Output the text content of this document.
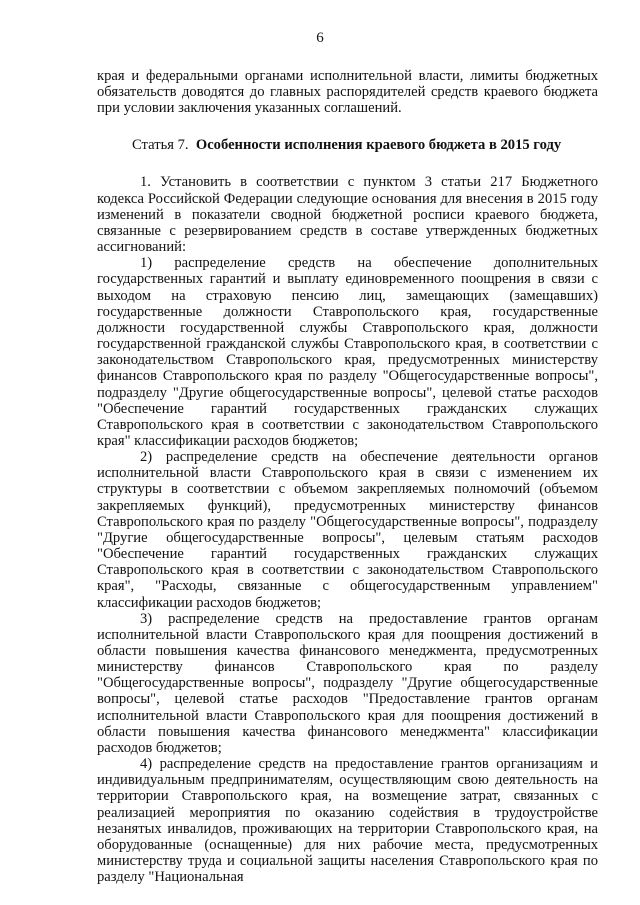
6

края и федеральными органами исполнительной власти, лимиты бюджетных обязательств доводятся до главных распорядителей средств краевого бюджета при условии заключения указанных соглашений.

Статья 7. Особенности исполнения краевого бюджета в 2015 году

1. Установить в соответствии с пунктом 3 статьи 217 Бюджетного кодекса Российской Федерации следующие основания для внесения в 2015 году изменений в показатели сводной бюджетной росписи краевого бюджета, связанные с резервированием средств в составе утвержденных бюджетных ассигнований:

1) распределение средств на обеспечение дополнительных государственных гарантий и выплату единовременного поощрения в связи с выходом на страховую пенсию лиц, замещающих (замещавших) государственные должности Ставропольского края, государственные должности государственной службы Ставропольского края, должности государственной гражданской службы Ставропольского края, в соответствии с законодательством Ставропольского края, предусмотренных министерству финансов Ставропольского края по разделу "Общегосударственные вопросы", подразделу "Другие общегосударственные вопросы", целевой статье расходов "Обеспечение гарантий государственных гражданских служащих Ставропольского края в соответствии с законодательством Ставропольского края" классификации расходов бюджетов;

2) распределение средств на обеспечение деятельности органов исполнительной власти Ставропольского края в связи с изменением их структуры в соответствии с объемом закрепляемых полномочий (объемом закрепляемых функций), предусмотренных министерству финансов Ставропольского края по разделу "Общегосударственные вопросы", подразделу "Другие общегосударственные вопросы", целевым статьям расходов "Обеспечение гарантий государственных гражданских служащих Ставропольского края в соответствии с законодательством Ставропольского края", "Расходы, связанные с общегосударственным управлением" классификации расходов бюджетов;

3) распределение средств на предоставление грантов органам исполнительной власти Ставропольского края для поощрения достижений в области повышения качества финансового менеджмента, предусмотренных министерству финансов Ставропольского края по разделу "Общегосударственные вопросы", подразделу "Другие общегосударственные вопросы", целевой статье расходов "Предоставление грантов органам исполнительной власти Ставропольского края для поощрения достижений в области повышения качества финансового менеджмента" классификации расходов бюджетов;

4) распределение средств на предоставление грантов организациям и индивидуальным предпринимателям, осуществляющим свою деятельность на территории Ставропольского края, на возмещение затрат, связанных с реализацией мероприятия по оказанию содействия в трудоустройстве незанятых инвалидов, проживающих на территории Ставропольского края, на оборудованные (оснащенные) для них рабочие места, предусмотренных министерству труда и социальной защиты населения Ставропольского края по разделу "Национальная
